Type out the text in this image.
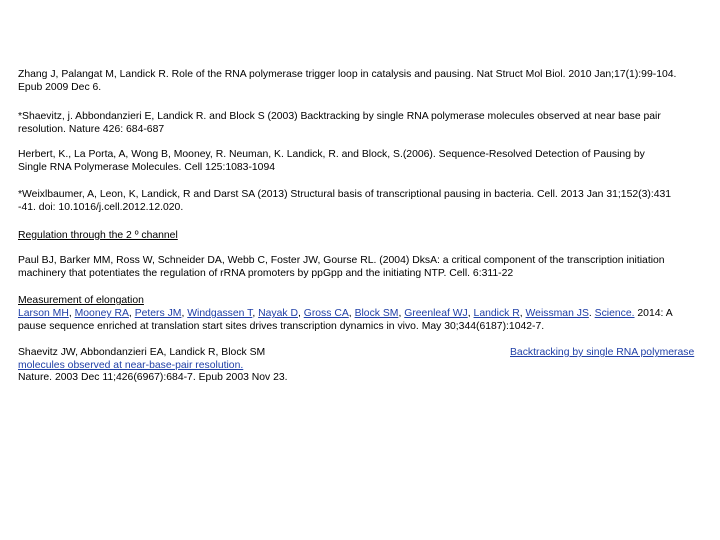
Zhang J, Palangat M, Landick R. Role of the RNA polymerase trigger loop in catalysis and pausing. Nat Struct Mol Biol. 2010 Jan;17(1):99-104.
Epub 2009 Dec 6.
*Shaevitz, j. Abbondanzieri E, Landick R. and Block S (2003) Backtracking by single RNA polymerase molecules observed at near base pair
resolution. Nature 426: 684-687
Herbert, K., La Porta, A, Wong B, Mooney, R. Neuman, K. Landick, R. and Block, S.(2006). Sequence-Resolved Detection of Pausing by
Single RNA Polymerase Molecules. Cell 125:1083-1094
*Weixlbaumer, A, Leon, K, Landick, R and Darst SA (2013) Structural basis of transcriptional pausing in bacteria. Cell. 2013 Jan 31;152(3):431
-41. doi: 10.1016/j.cell.2012.12.020.
Regulation through the 2 º channel
Paul BJ, Barker MM, Ross W, Schneider DA, Webb C, Foster JW, Gourse RL. (2004) DksA: a critical component of the transcription initiation
machinery that potentiates the regulation of rRNA promoters by ppGpp and the initiating NTP. Cell. 6:311-22
Measurement of elongation
Larson MH, Mooney RA, Peters JM, Windgassen T, Nayak D, Gross CA, Block SM, Greenleaf WJ, Landick R, Weissman JS. Science. 2014: A
pause sequence enriched at translation start sites drives transcription dynamics in vivo. May 30;344(6187):1042-7.
Shaevitz JW, Abbondanzieri EA, Landick R, Block SM	Backtracking by single RNA polymerase
molecules observed at near-base-pair resolution.
Nature. 2003 Dec 11;426(6967):684-7. Epub 2003 Nov 23.
